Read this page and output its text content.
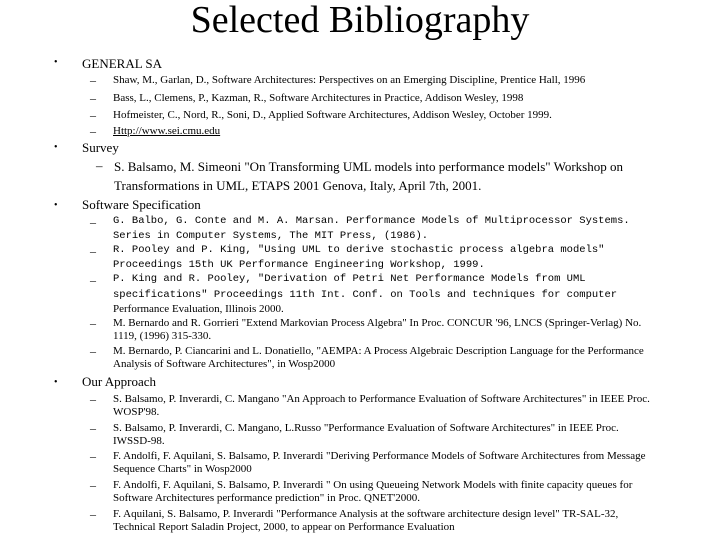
Selected Bibliography
• GENERAL SA
– Shaw, M., Garlan, D., Software Architectures: Perspectives on an Emerging Discipline, Prentice Hall, 1996
– Bass, L., Clemens, P., Kazman, R., Software Architectures in Practice, Addison Wesley, 1998
– Hofmeister, C., Nord, R., Soni, D., Applied Software Architectures, Addison Wesley, October 1999.
– Http://www.sei.cmu.edu
• Survey
– S. Balsamo, M. Simeoni "On Transforming UML models into performance models" Workshop on Transformations in UML, ETAPS 2001 Genova, Italy, April 7th, 2001.
• Software Specification
– G. Balbo, G. Conte and M. A. Marsan. Performance Models of Multiprocessor Systems. Series in Computer Systems, The MIT Press, (1986).
– R. Pooley and P. King, "Using UML to derive stochastic process algebra models" Proceedings 15th UK Performance Engineering Workshop, 1999.
– P. King and R. Pooley, "Derivation of Petri Net Performance Models from UML specifications" Proceedings 11th Int. Conf. on Tools and techniques for computer Performance Evaluation, Illinois 2000.
– M. Bernardo and R. Gorrieri "Extend Markovian Process Algebra" In Proc. CONCUR '96, LNCS (Springer-Verlag) No. 1119, (1996) 315-330.
– M. Bernardo, P. Ciancarini and L. Donatiello, "AEMPA: A Process Algebraic Description Language for the Performance Analysis of Software Architectures", in Wosp2000
• Our Approach
– S. Balsamo, P. Inverardi, C. Mangano "An Approach to Performance Evaluation of Software Architectures" in IEEE Proc. WOSP'98.
– S. Balsamo, P. Inverardi, C. Mangano, L.Russo "Performance Evaluation of Software Architectures" in IEEE Proc. IWSSD-98.
– F. Andolfi, F. Aquilani, S. Balsamo, P. Inverardi "Deriving Performance Models of Software Architectures from Message Sequence Charts" in Wosp2000
– F. Andolfi, F. Aquilani, S. Balsamo, P. Inverardi " On using Queueing Network Models with finite capacity queues for Software Architectures performance prediction" in Proc. QNET'2000.
– F. Aquilani, S. Balsamo, P. Inverardi "Performance Analysis at the software architecture design level" TR-SAL-32, Technical Report Saladin Project, 2000, to appear on Performance Evaluation
